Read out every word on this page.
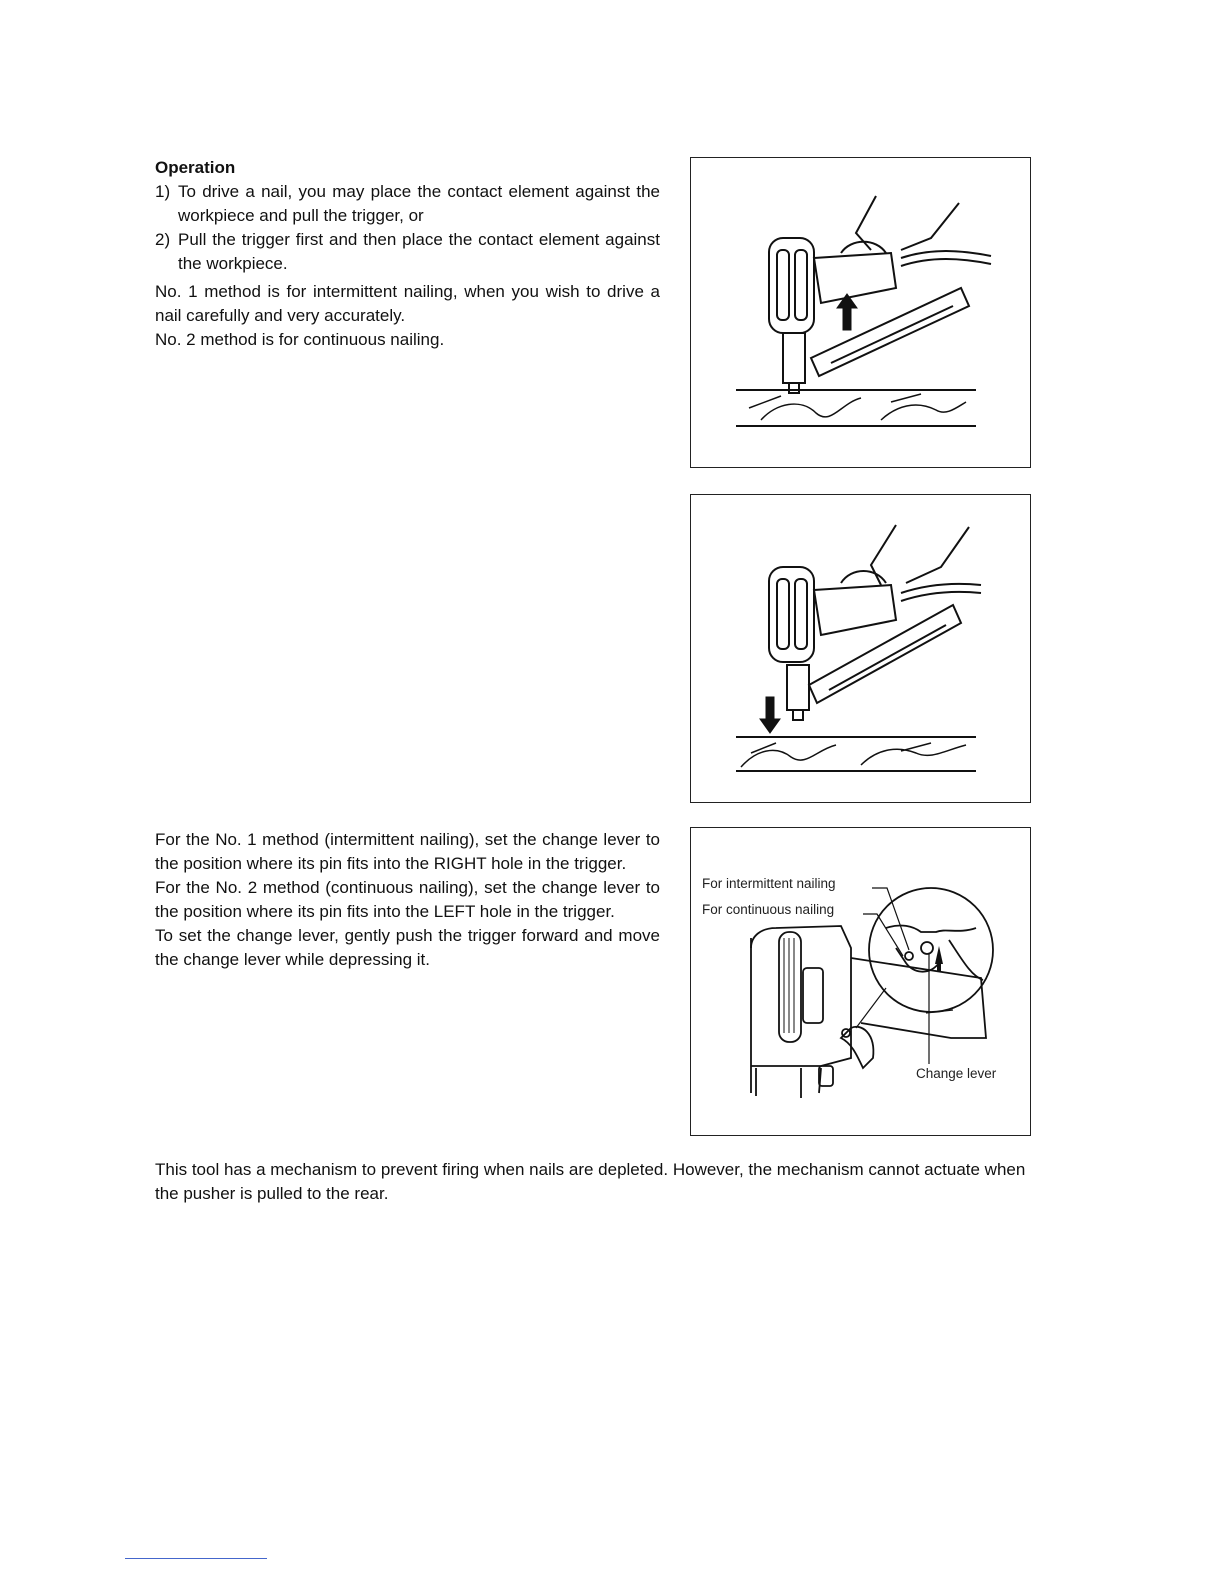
Operation

1) To drive a nail, you may place the contact element against the workpiece and pull the trigger, or
2) Pull the trigger first and then place the contact element against the workpiece.

No. 1 method is for intermittent nailing, when you wish to drive a nail carefully and very accurately.

No. 2 method is for continuous nailing.

For the No. 1 method (intermittent nailing), set the change lever to the position where its pin fits into the RIGHT hole in the trigger.

For the No. 2 method (continuous nailing), set the change lever to the position where its pin fits into the LEFT hole in the trigger.

To set the change lever, gently push the trigger forward and move the change lever while depressing it.

For intermittent nailing
For continuous nailing
Change lever

This tool has a mechanism to prevent firing when nails are depleted. However, the mechanism cannot actuate when the pusher is pulled to the rear.
